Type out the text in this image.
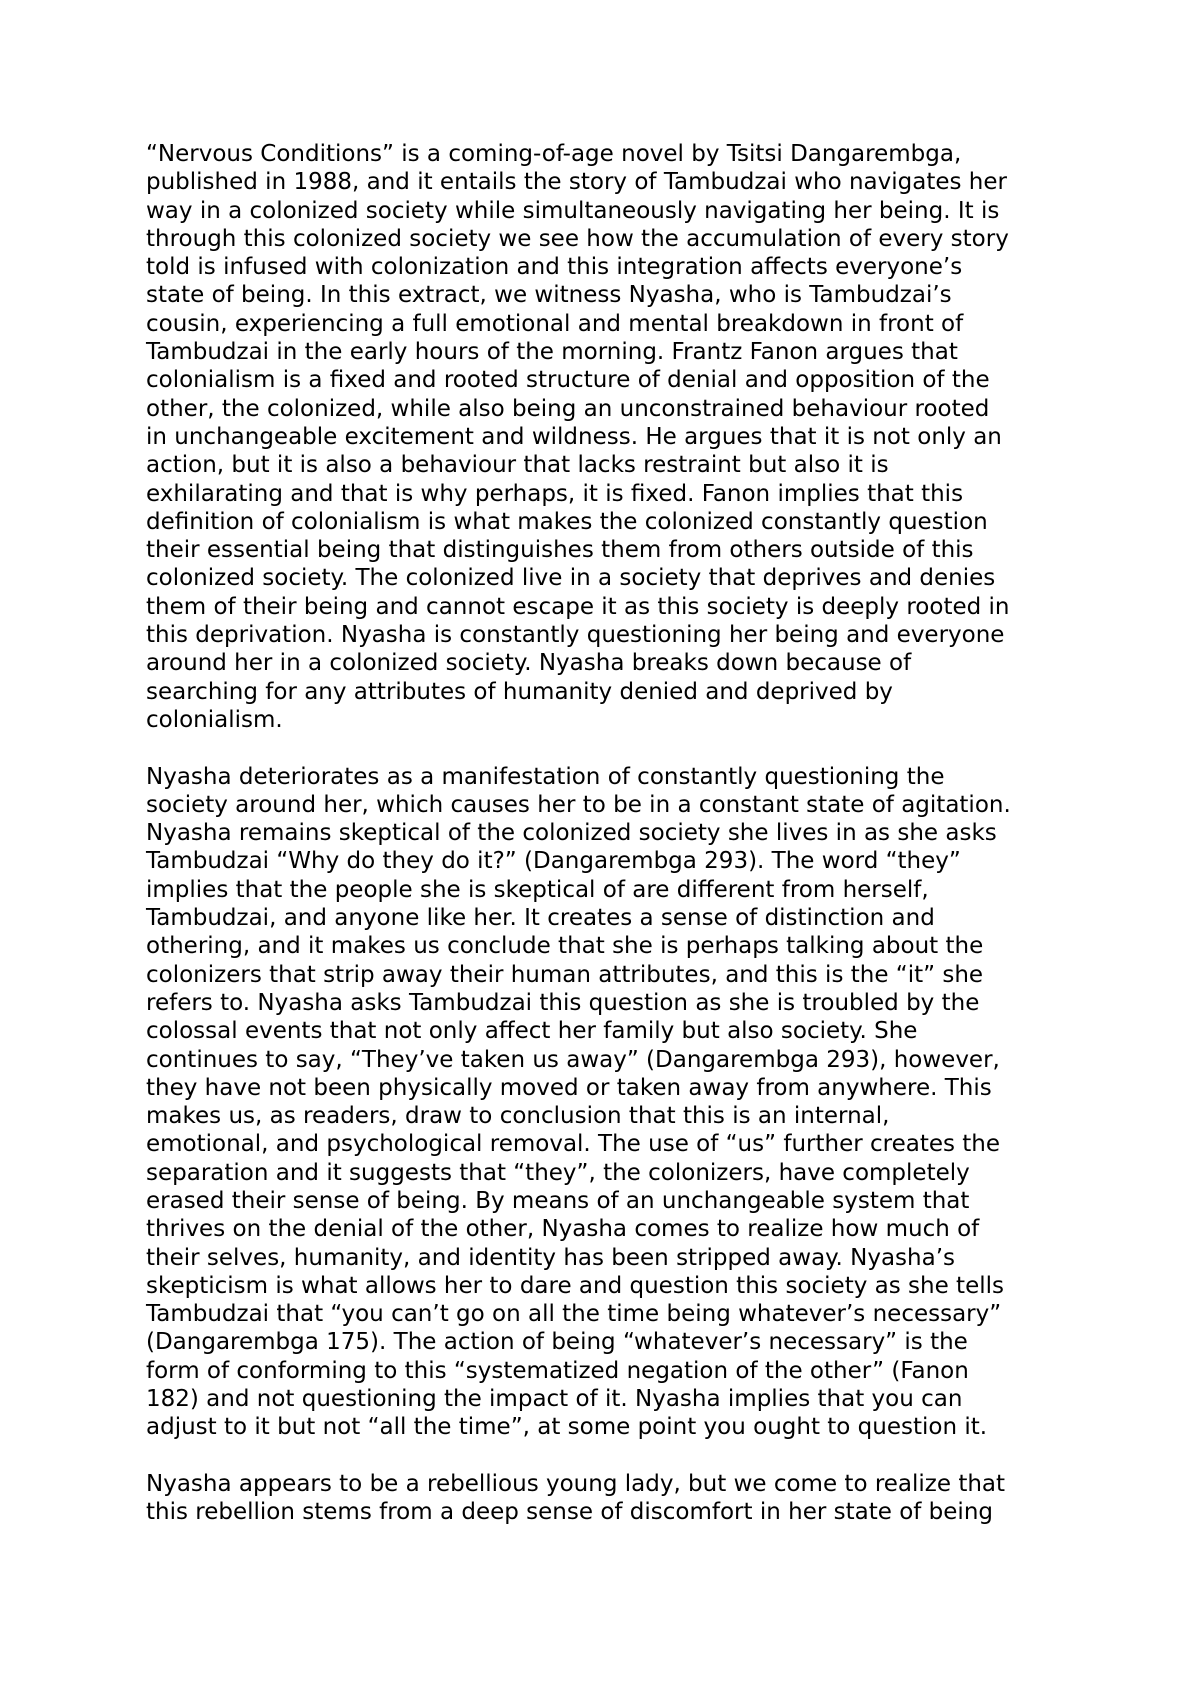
“Nervous Conditions” is a coming-of-age novel by Tsitsi Dangarembga,
published in 1988, and it entails the story of Tambudzai who navigates her
way in a colonized society while simultaneously navigating her being. It is
through this colonized society we see how the accumulation of every story
told is infused with colonization and this integration affects everyone’s
state of being. In this extract, we witness Nyasha, who is Tambudzai’s
cousin, experiencing a full emotional and mental breakdown in front of
Tambudzai in the early hours of the morning. Frantz Fanon argues that
colonialism is a fixed and rooted structure of denial and opposition of the
other, the colonized, while also being an unconstrained behaviour rooted
in unchangeable excitement and wildness. He argues that it is not only an
action, but it is also a behaviour that lacks restraint but also it is
exhilarating and that is why perhaps, it is fixed. Fanon implies that this
definition of colonialism is what makes the colonized constantly question
their essential being that distinguishes them from others outside of this
colonized society. The colonized live in a society that deprives and denies
them of their being and cannot escape it as this society is deeply rooted in
this deprivation. Nyasha is constantly questioning her being and everyone
around her in a colonized society. Nyasha breaks down because of
searching for any attributes of humanity denied and deprived by
colonialism.
Nyasha deteriorates as a manifestation of constantly questioning the
society around her, which causes her to be in a constant state of agitation.
Nyasha remains skeptical of the colonized society she lives in as she asks
Tambudzai “Why do they do it?” (Dangarembga 293). The word “they”
implies that the people she is skeptical of are different from herself,
Tambudzai, and anyone like her. It creates a sense of distinction and
othering, and it makes us conclude that she is perhaps talking about the
colonizers that strip away their human attributes, and this is the “it” she
refers to. Nyasha asks Tambudzai this question as she is troubled by the
colossal events that not only affect her family but also society. She
continues to say, “They’ve taken us away” (Dangarembga 293), however,
they have not been physically moved or taken away from anywhere. This
makes us, as readers, draw to conclusion that this is an internal,
emotional, and psychological removal. The use of “us” further creates the
separation and it suggests that “they”, the colonizers, have completely
erased their sense of being. By means of an unchangeable system that
thrives on the denial of the other, Nyasha comes to realize how much of
their selves, humanity, and identity has been stripped away. Nyasha’s
skepticism is what allows her to dare and question this society as she tells
Tambudzai that “you can’t go on all the time being whatever’s necessary”
(Dangarembga 175). The action of being “whatever’s necessary” is the
form of conforming to this “systematized negation of the other” (Fanon
182) and not questioning the impact of it. Nyasha implies that you can
adjust to it but not “all the time”, at some point you ought to question it.
Nyasha appears to be a rebellious young lady, but we come to realize that
this rebellion stems from a deep sense of discomfort in her state of being
